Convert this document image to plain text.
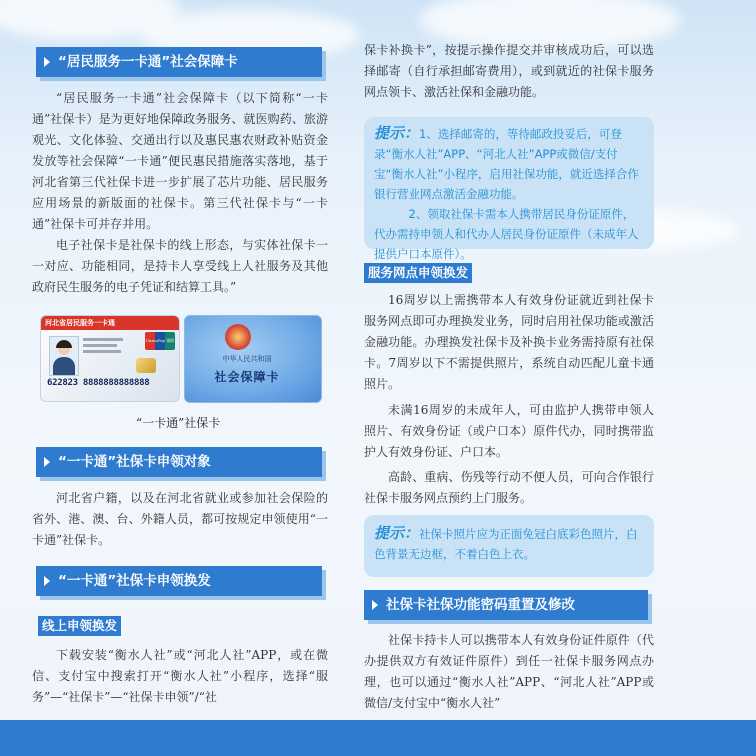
“居民服务一卡通”社会保障卡

“居民服务一卡通”社会保障卡（以下简称“一卡通”社保卡）是为更好地保障政务服务、就医购药、旅游观光、文化体验、交通出行以及惠民惠农财政补贴资金发放等社会保障“一卡通”便民惠民措施落实落地，基于河北省第三代社保卡进一步扩展了芯片功能、居民服务应用场景的新版面的社保卡。第三代社保卡与“一卡通”社保卡可并存并用。

电子社保卡是社保卡的线上形态，与实体社保卡一一对应、功能相同，是持卡人享受线上人社服务及其他政府民生服务的电子凭证和结算工具。”

河北省居民服务一卡通
UnionPay 银联
622823 8888888888888
中华人民共和国
社会保障卡
“一卡通”社保卡
“一卡通”社保卡申领对象

河北省户籍，以及在河北省就业或参加社会保险的省外、港、澳、台、外籍人员，都可按规定申领使用“一卡通”社保卡。

“一卡通”社保卡申领换发
线上申领换发

下载安装“衡水人社”或“河北人社”APP，或在微信、支付宝中搜索打开“衡水人社”小程序，选择“服务”—“社保卡”—“社保卡申领”/“社

保卡补换卡”，按提示操作提交并审核成功后，可以选择邮寄（自行承担邮寄费用），或到就近的社保卡服务网点领卡、激活社保和金融功能。

提示：1、选择邮寄的，等待邮政投妥后，可登录“衡水人社”APP、“河北人社”APP或微信/支付宝“衡水人社”小程序，启用社保功能，就近选择合作银行营业网点激活金融功能。
2、领取社保卡需本人携带居民身份证原件，代办需持申领人和代办人居民身份证原件（未成年人提供户口本原件）。
服务网点申领换发

16周岁以上需携带本人有效身份证就近到社保卡服务网点即可办理换发业务，同时启用社保功能或激活金融功能。办理换发社保卡及补换卡业务需持原有社保卡。7周岁以下不需提供照片，系统自动匹配儿童卡通照片。

未满16周岁的未成年人，可由监护人携带申领人照片、有效身份证（或户口本）原件代办，同时携带监护人有效身份证、户口本。

高龄、重病、伤残等行动不便人员，可向合作银行社保卡服务网点预约上门服务。

提示：社保卡照片应为正面免冠白底彩色照片，白色背景无边框，不着白色上衣。
社保卡社保功能密码重置及修改

社保卡持卡人可以携带本人有效身份证件原件（代办提供双方有效证件原件）到任一社保卡服务网点办理，也可以通过“衡水人社”APP、“河北人社”APP或微信/支付宝中“衡水人社”
